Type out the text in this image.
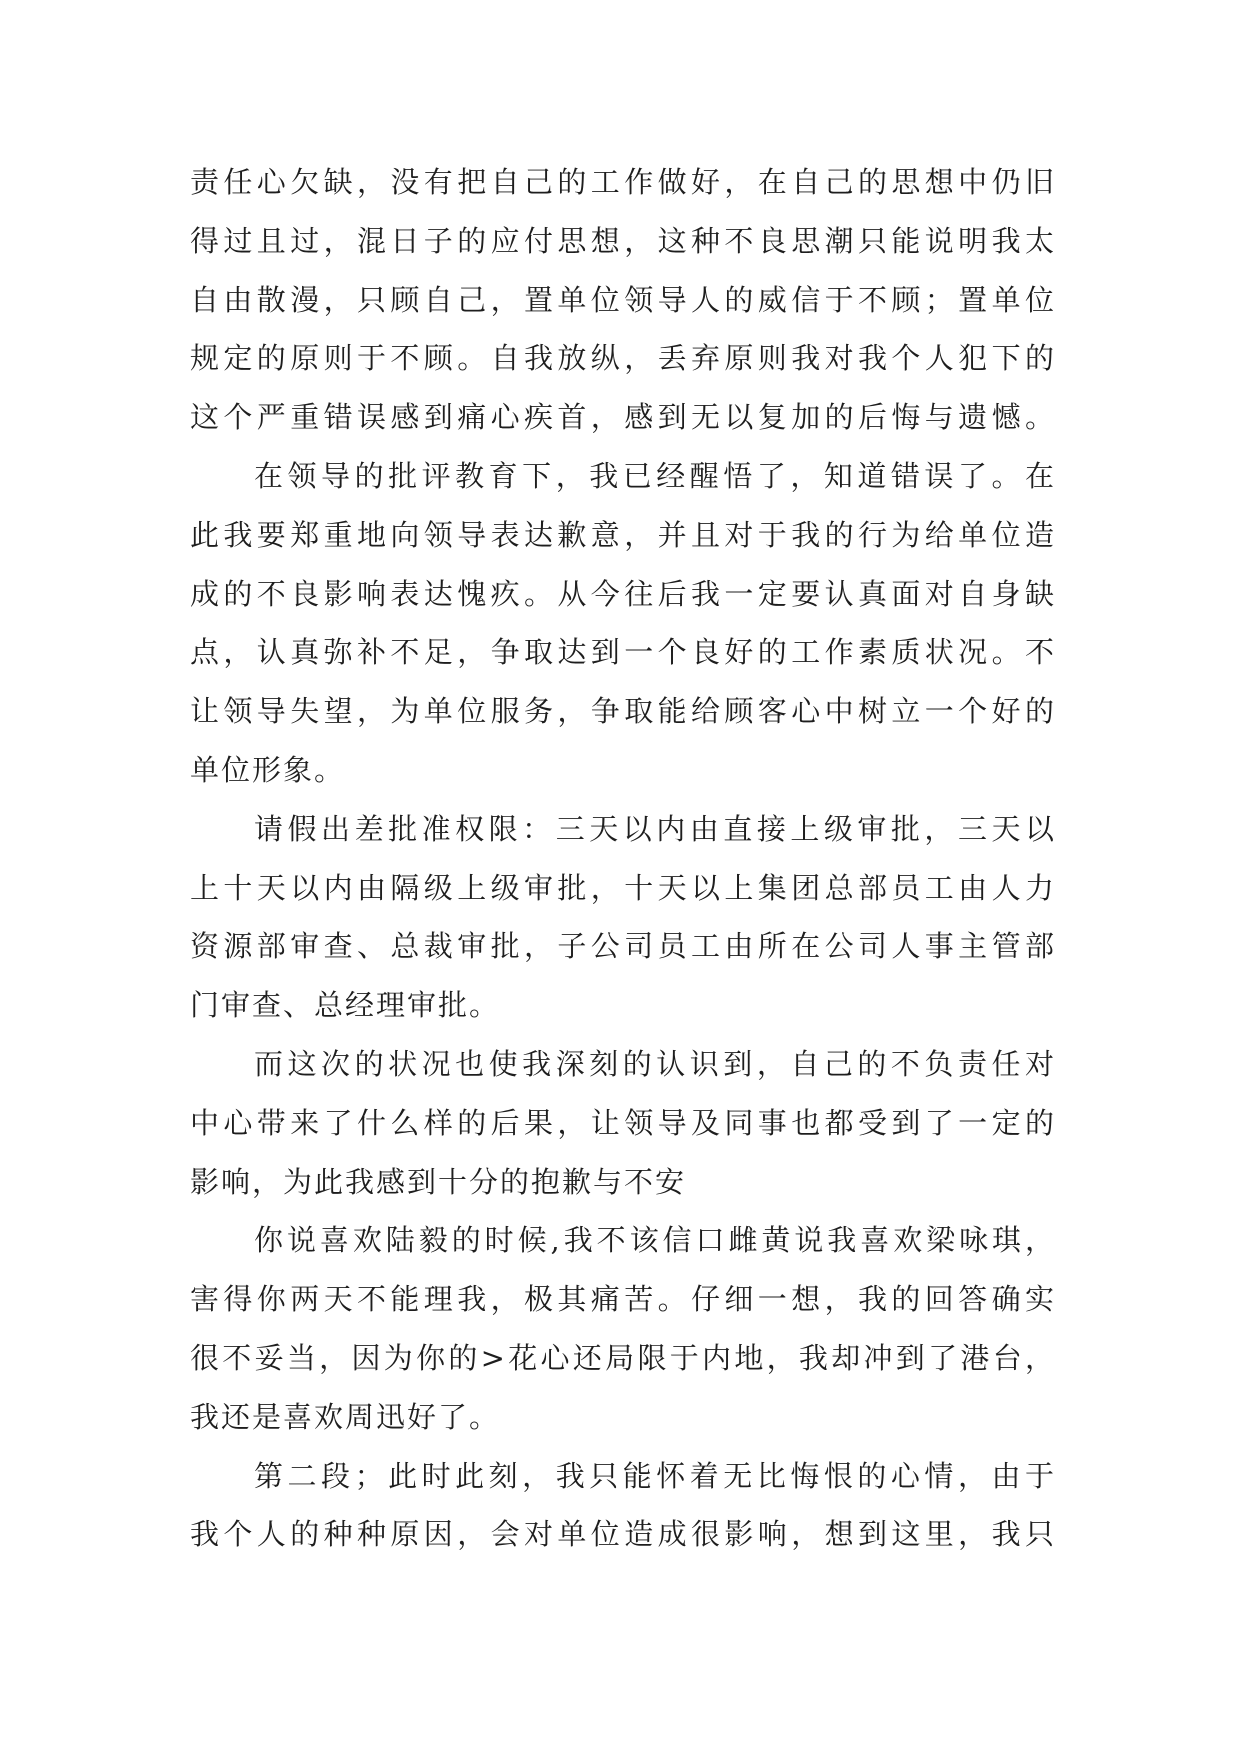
责任心欠缺，没有把自己的工作做好，在自己的思想中仍旧
得过且过，混日子的应付思想，这种不良思潮只能说明我太
自由散漫，只顾自己，置单位领导人的威信于不顾；置单位
规定的原则于不顾。自我放纵，丢弃原则我对我个人犯下的
这个严重错误感到痛心疾首，感到无以复加的后悔与遗憾。
在领导的批评教育下，我已经醒悟了，知道错误了。在
此我要郑重地向领导表达歉意，并且对于我的行为给单位造
成的不良影响表达愧疚。从今往后我一定要认真面对自身缺
点，认真弥补不足，争取达到一个良好的工作素质状况。不
让领导失望，为单位服务，争取能给顾客心中树立一个好的
单位形象。
请假出差批准权限：三天以内由直接上级审批，三天以
上十天以内由隔级上级审批，十天以上集团总部员工由人力
资源部审查、总裁审批，子公司员工由所在公司人事主管部
门审查、总经理审批。
而这次的状况也使我深刻的认识到，自己的不负责任对
中心带来了什么样的后果，让领导及同事也都受到了一定的
影响，为此我感到十分的抱歉与不安
你说喜欢陆毅的时候,我不该信口雌黄说我喜欢梁咏琪，
害得你两天不能理我，极其痛苦。仔细一想，我的回答确实
很不妥当，因为你的>花心还局限于内地，我却冲到了港台，
我还是喜欢周迅好了。
第二段；此时此刻，我只能怀着无比悔恨的心情，由于
我个人的种种原因，会对单位造成很影响，想到这里，我只
